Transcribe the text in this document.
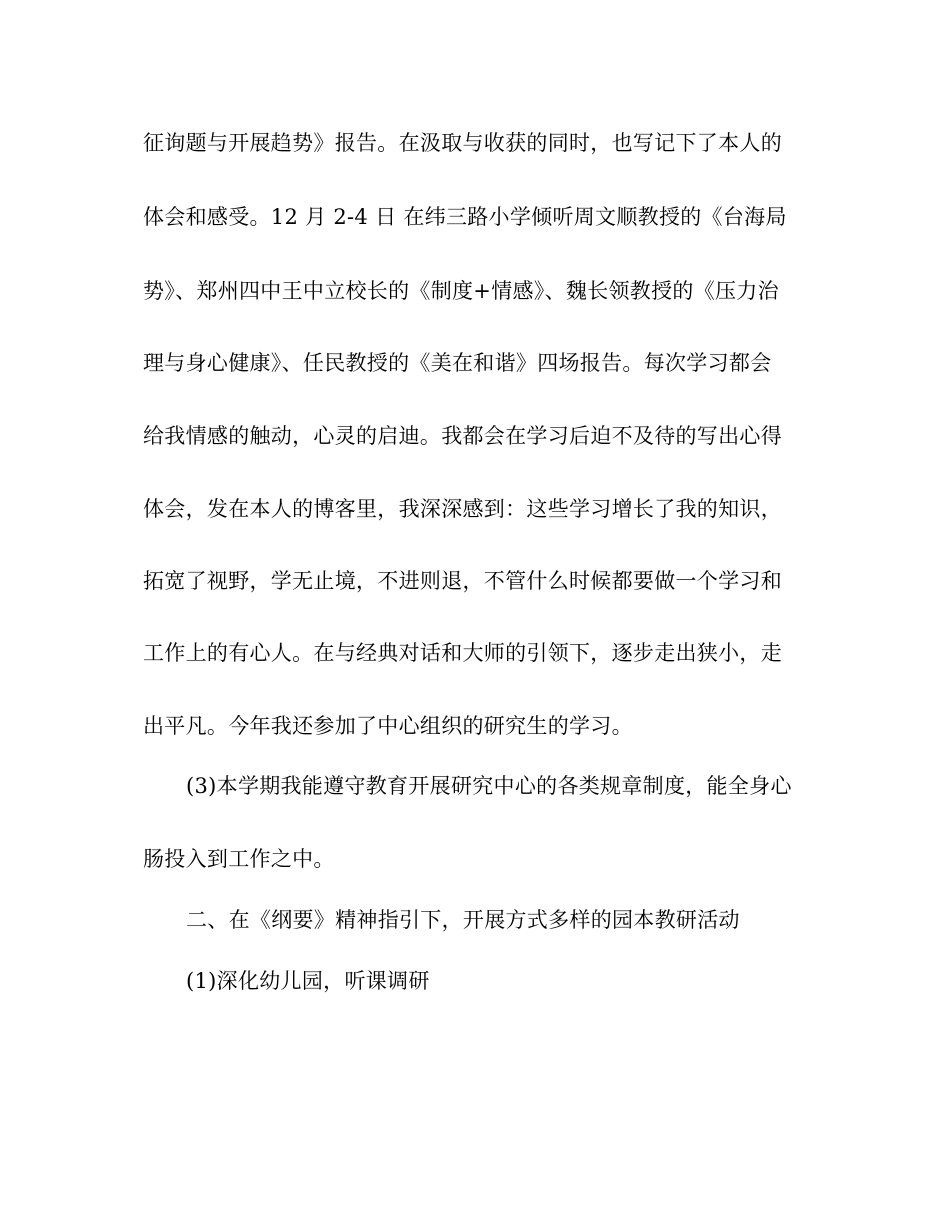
征询题与开展趋势》报告。在汲取与收获的同时，也写记下了本人的
体会和感受。12 月 2-4 日 在纬三路小学倾听周文顺教授的《台海局
势》、郑州四中王中立校长的《制度+情感》、魏长领教授的《压力治
理与身心健康》、任民教授的《美在和谐》四场报告。每次学习都会
给我情感的触动，心灵的启迪。我都会在学习后迫不及待的写出心得
体会，发在本人的博客里，我深深感到：这些学习增长了我的知识，
拓宽了视野，学无止境，不进则退，不管什么时候都要做一个学习和
工作上的有心人。在与经典对话和大师的引领下，逐步走出狭小，走
出平凡。今年我还参加了中心组织的研究生的学习。
(3)本学期我能遵守教育开展研究中心的各类规章制度，能全身心
肠投入到工作之中。
二、在《纲要》精神指引下，开展方式多样的园本教研活动
(1)深化幼儿园，听课调研
